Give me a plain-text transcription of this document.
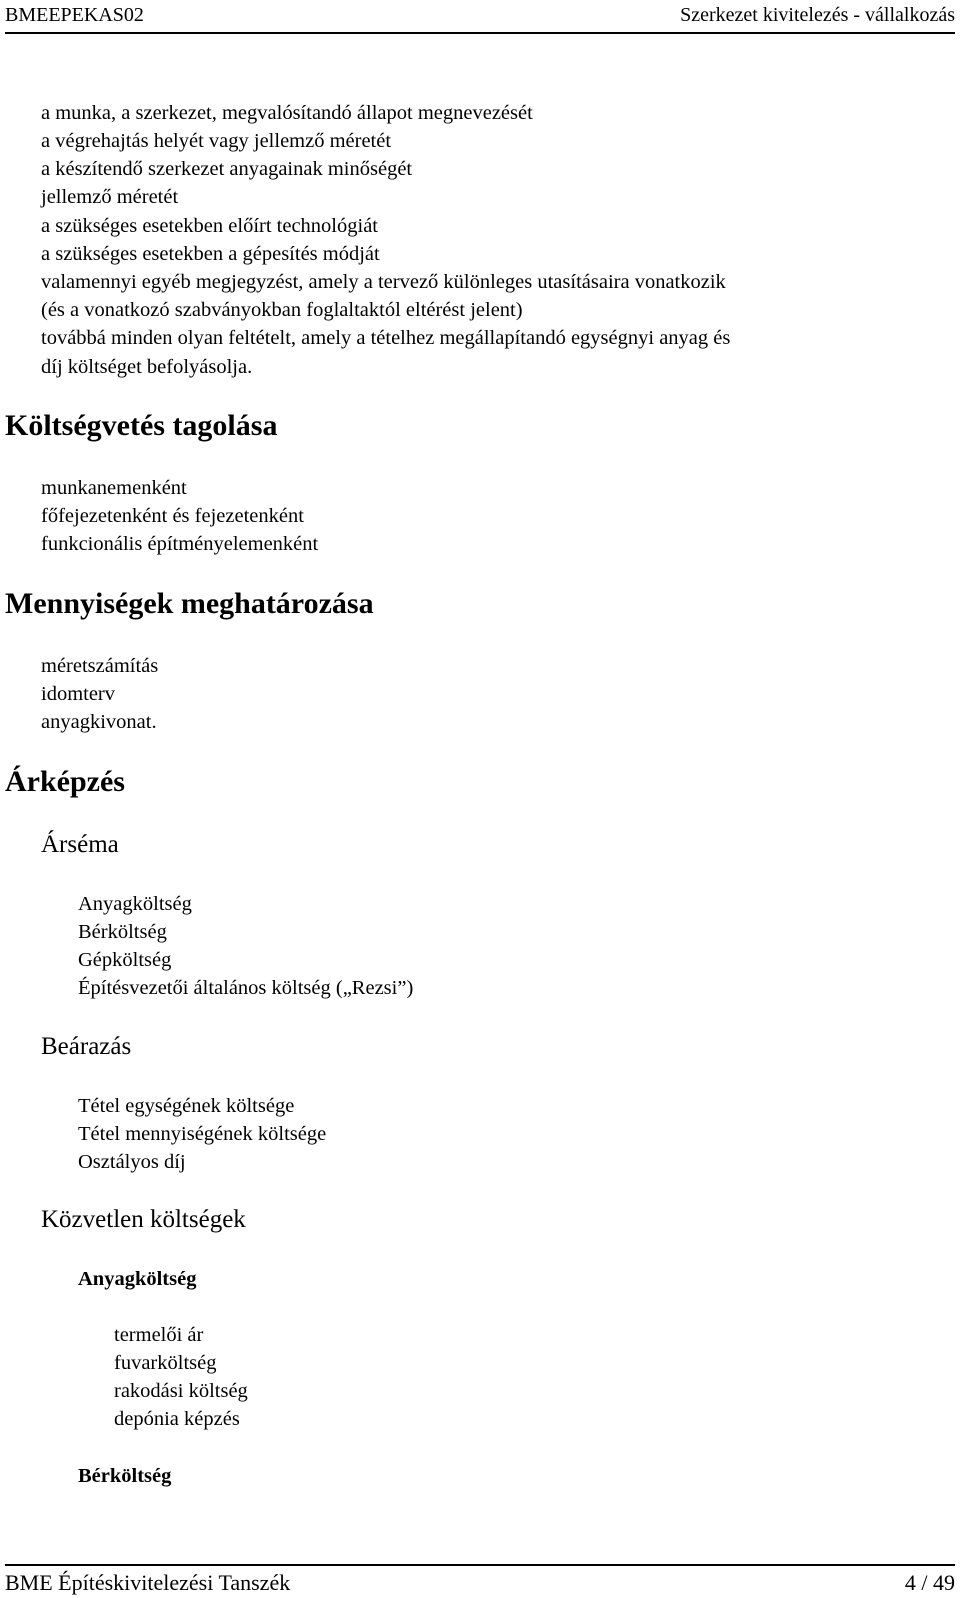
BMEEPEKAS02	Szerkezet kivitelezés - vállalkozás
a munka, a szerkezet, megvalósítandó állapot megnevezését
a végrehajtás helyét vagy jellemző méretét
a készítendő szerkezet anyagainak minőségét
jellemző méretét
a szükséges esetekben előírt technológiát
a szükséges esetekben a gépesítés módját
valamennyi egyéb megjegyzést, amely a tervező különleges utasításaira vonatkozik
(és a vonatkozó szabványokban foglaltaktól eltérést jelent)
továbbá minden olyan feltételt, amely a tételhez megállapítandó egységnyi anyag és
díj költséget befolyásolja.
Költségvetés tagolása
munkanemenként
főfejezetenként és fejezetenként
funkcionális építményelemenként
Mennyiségek meghatározása
méretszámítás
idomterv
anyagkivonat.
Árképzés
Árséma
Anyagköltség
Bérköltség
Gépköltség
Építésvezetői általános költség („Rezsi”)
Beárazás
Tétel egységének költsége
Tétel mennyiségének költsége
Osztályos díj
Közvetlen költségek
Anyagköltség
termelői ár
fuvarköltség
rakodási költség
depónia képzés
Bérköltség
BME Építéskivitelezési Tanszék	4 / 49
